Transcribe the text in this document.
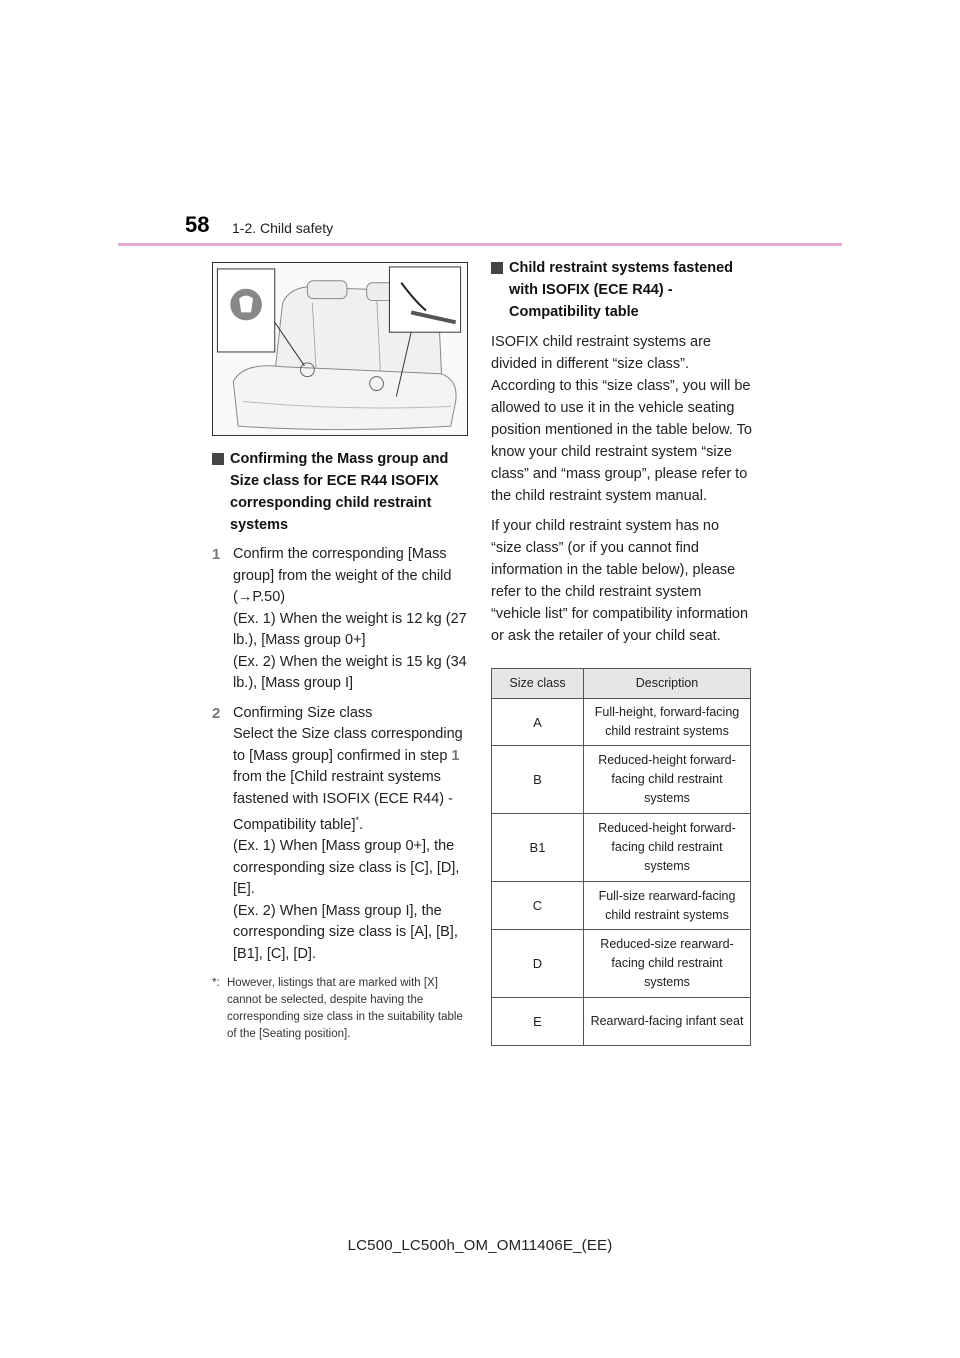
58 1-2. Child safety
Confirming the Mass group and Size class for ECE R44 ISOFIX corresponding child restraint systems
1 Confirm the corresponding [Mass group] from the weight of the child (→P.50)
(Ex. 1) When the weight is 12 kg (27 lb.), [Mass group 0+]
(Ex. 2) When the weight is 15 kg (34 lb.), [Mass group I]
2 Confirming Size class
Select the Size class corresponding to [Mass group] confirmed in step 1 from the [Child restraint systems fastened with ISOFIX (ECE R44) - Compatibility table]*.
(Ex. 1) When [Mass group 0+], the corresponding size class is [C], [D], [E].
(Ex. 2) When [Mass group I], the corresponding size class is [A], [B], [B1], [C], [D].
*: However, listings that are marked with [X] cannot be selected, despite having the corresponding size class in the suitability table of the [Seating position].
Child restraint systems fastened with ISOFIX (ECE R44) - Compatibility table

ISOFIX child restraint systems are divided in different “size class”. According to this “size class”, you will be allowed to use it in the vehicle seating position mentioned in the table below. To know your child restraint system “size class” and “mass group”, please refer to the child restraint system manual.

If your child restraint system has no “size class” (or if you cannot find information in the table below), please refer to the child restraint system “vehicle list” for compatibility information or ask the retailer of your child seat.

Size class	Description
A	Full-height, forward-facing child restraint systems
B	Reduced-height forward-facing child restraint systems
B1	Reduced-height forward-facing child restraint systems
C	Full-size rearward-facing child restraint systems
D	Reduced-size rearward-facing child restraint systems
E	Rearward-facing infant seat
LC500_LC500h_OM_OM11406E_(EE)
